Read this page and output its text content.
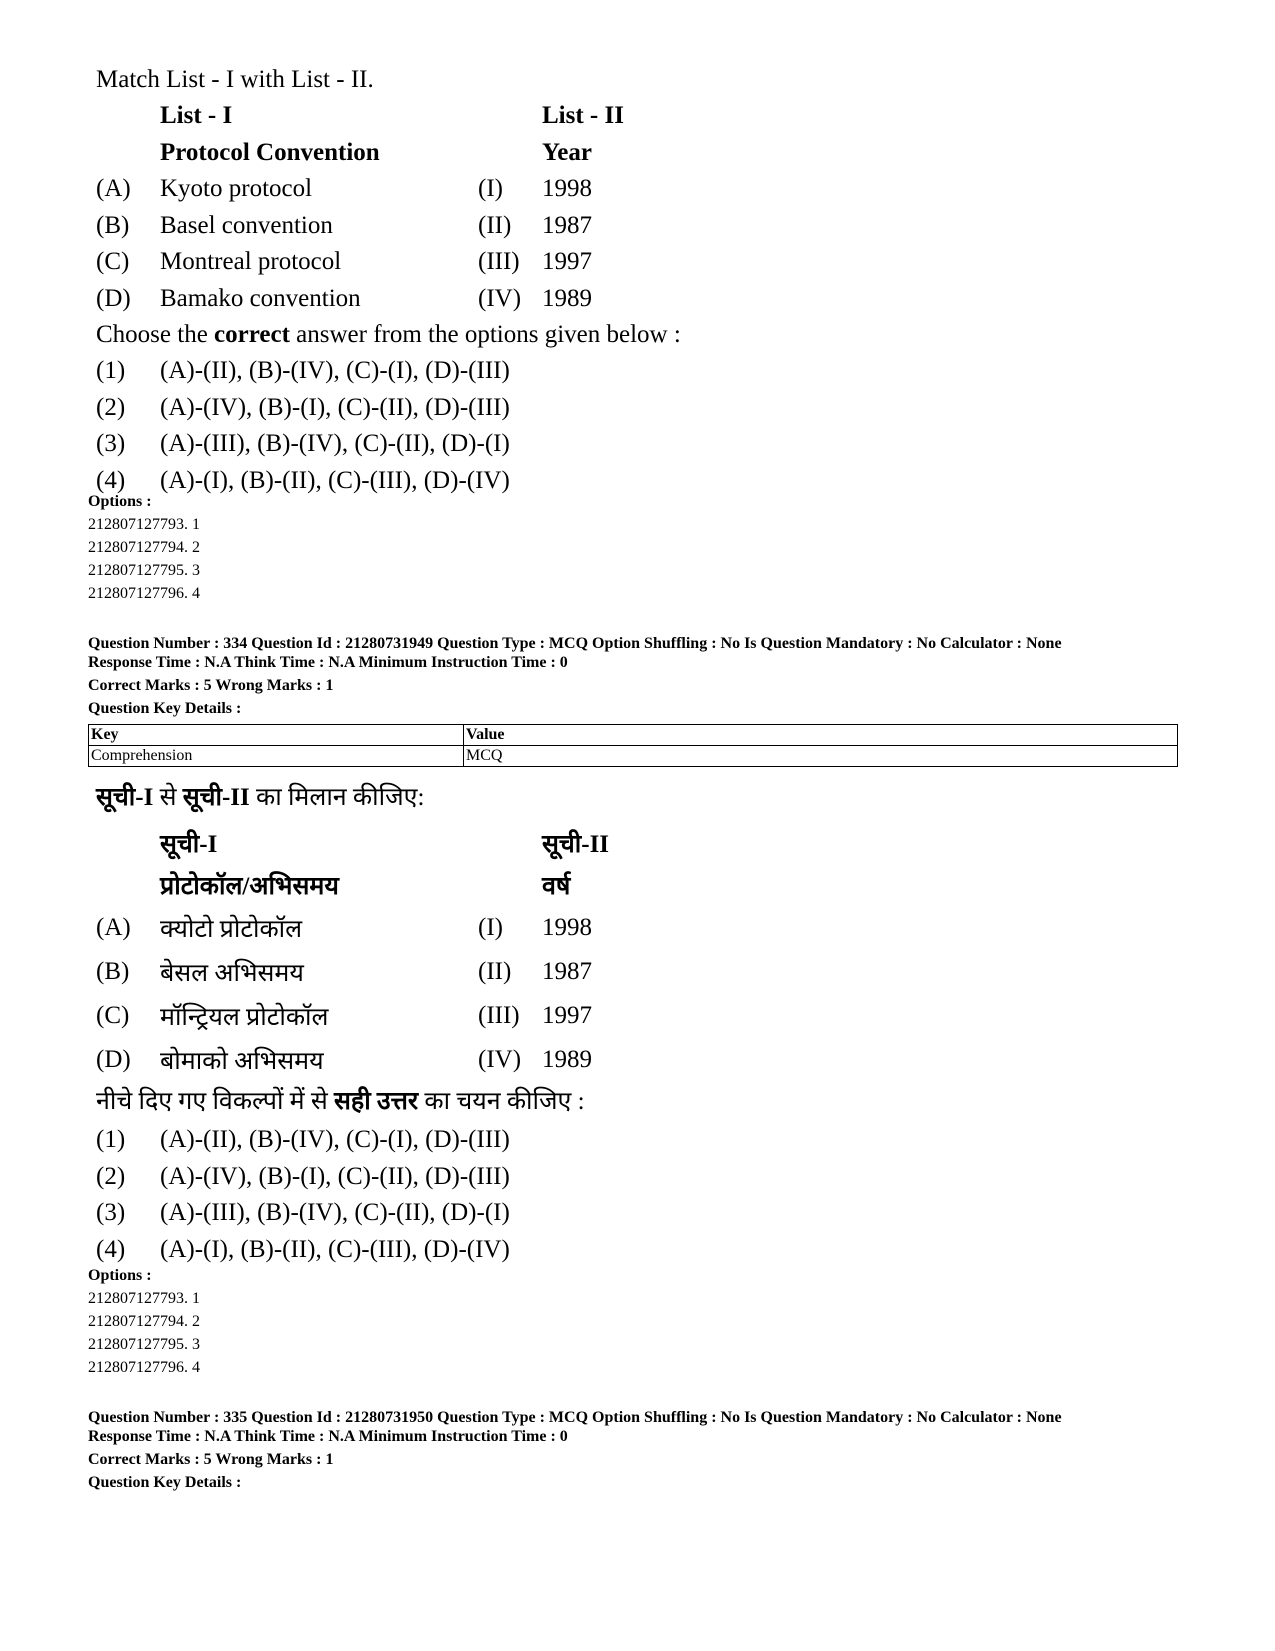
Match List - I with List - II.
	List - I		List - II
	Protocol Convention		Year
(A)	Kyoto protocol	(I)	1998
(B)	Basel convention	(II)	1987
(C)	Montreal protocol	(III)	1997
(D)	Bamako convention	(IV)	1989
Choose the correct answer from the options given below :
(1)	(A)-(II), (B)-(IV), (C)-(I), (D)-(III)
(2)	(A)-(IV), (B)-(I), (C)-(II), (D)-(III)
(3)	(A)-(III), (B)-(IV), (C)-(II), (D)-(I)
(4)	(A)-(I), (B)-(II), (C)-(III), (D)-(IV)
Options :
212807127793. 1
212807127794. 2
212807127795. 3
212807127796. 4
Question Number : 334 Question Id : 21280731949 Question Type : MCQ Option Shuffling : No Is Question Mandatory : No Calculator : None
Response Time : N.A Think Time : N.A Minimum Instruction Time : 0
Correct Marks : 5 Wrong Marks : 1
Question Key Details :
Key	Value
Comprehension	MCQ
सूची-I से सूची-II का मिलान कीजिए:
	सूची-I		सूची-II
	प्रोटोकॉल/अभिसमय		वर्ष
(A)	क्योटो प्रोटोकॉल	(I)	1998
(B)	बेसल अभिसमय	(II)	1987
(C)	मॉन्ट्रियल प्रोटोकॉल	(III)	1997
(D)	बोमाको अभिसमय	(IV)	1989
नीचे दिए गए विकल्पों में से सही उत्तर का चयन कीजिए :
(1)	(A)-(II), (B)-(IV), (C)-(I), (D)-(III)
(2)	(A)-(IV), (B)-(I), (C)-(II), (D)-(III)
(3)	(A)-(III), (B)-(IV), (C)-(II), (D)-(I)
(4)	(A)-(I), (B)-(II), (C)-(III), (D)-(IV)
Options :
212807127793. 1
212807127794. 2
212807127795. 3
212807127796. 4
Question Number : 335 Question Id : 21280731950 Question Type : MCQ Option Shuffling : No Is Question Mandatory : No Calculator : None
Response Time : N.A Think Time : N.A Minimum Instruction Time : 0
Correct Marks : 5 Wrong Marks : 1
Question Key Details :
